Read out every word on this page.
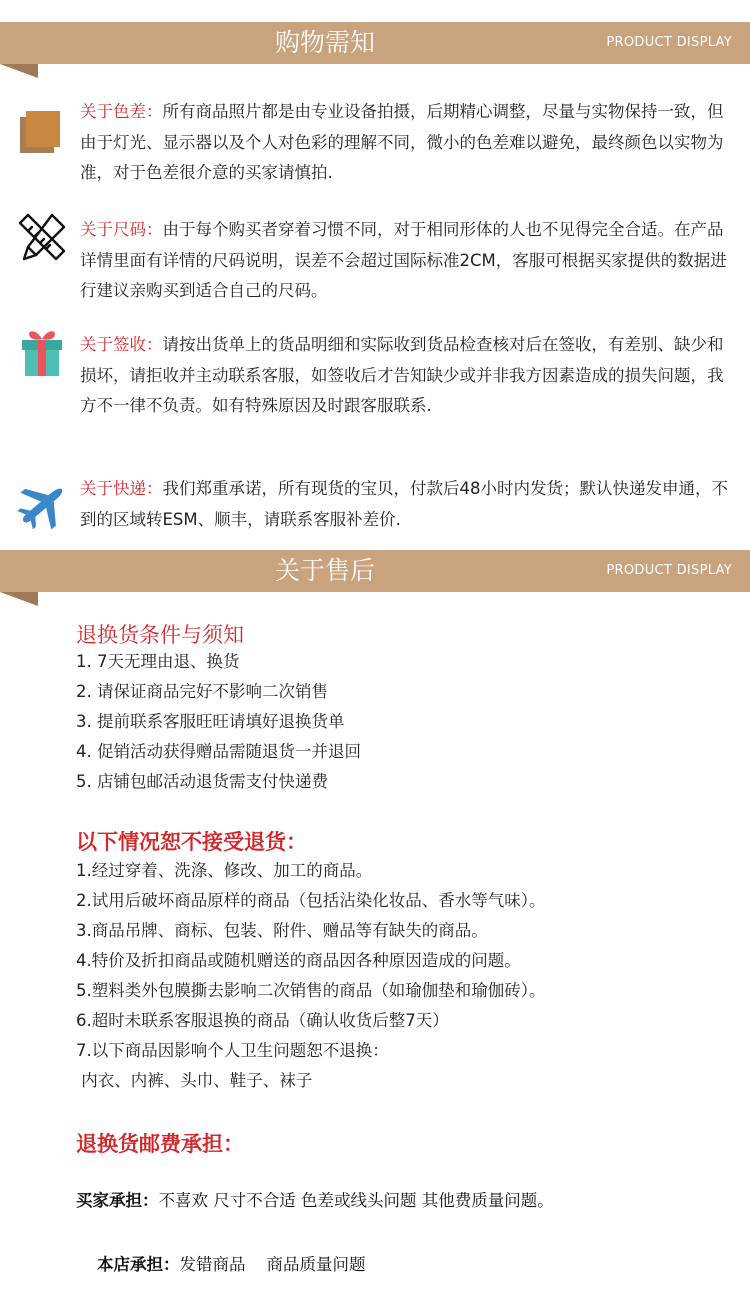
购物需知	PRODUCT DISPLAY
关于色差：所有商品照片都是由专业设备拍摄，后期精心调整，尽量与实物保持一致，但由于灯光、显示器以及个人对色彩的理解不同，微小的色差难以避免，最终颜色以实物为准，对于色差很介意的买家请慎拍.
关于尺码：由于每个购买者穿着习惯不同，对于相同形体的人也不见得完全合适。在产品详情里面有详情的尺码说明，误差不会超过国际标准2CM，客服可根据买家提供的数据进行建议亲购买到适合自己的尺码。
关于签收：请按出货单上的货品明细和实际收到货品检查核对后在签收，有差别、缺少和损坏，请拒收并主动联系客服，如签收后才告知缺少或并非我方因素造成的损失问题，我方不一律不负责。如有特殊原因及时跟客服联系.
关于快递：我们郑重承诺，所有现货的宝贝，付款后48小时内发货；默认快递发申通，不到的区域转ESM、顺丰，请联系客服补差价.
关于售后	PRODUCT DISPLAY
退换货条件与须知
1. 7天无理由退、换货
2. 请保证商品完好不影响二次销售
3. 提前联系客服旺旺请填好退换货单
4. 促销活动获得赠品需随退货一并退回
5. 店铺包邮活动退货需支付快递费
以下情况恕不接受退货：
1.经过穿着、洗涤、修改、加工的商品。
2.试用后破坏商品原样的商品（包括沾染化妆品、香水等气味）。
3.商品吊牌、商标、包装、附件、赠品等有缺失的商品。
4.特价及折扣商品或随机赠送的商品因各种原因造成的问题。
5.塑料类外包膜撕去影响二次销售的商品（如瑜伽垫和瑜伽砖）。
6.超时未联系客服退换的商品（确认收货后整7天）
7.以下商品因影响个人卫生问题恕不退换：
内衣、内裤、头巾、鞋子、袜子
退换货邮费承担：
买家承担：不喜欢 尺寸不合适 色差或线头问题 其他费质量问题。

本店承担：发错商品    商品质量问题
